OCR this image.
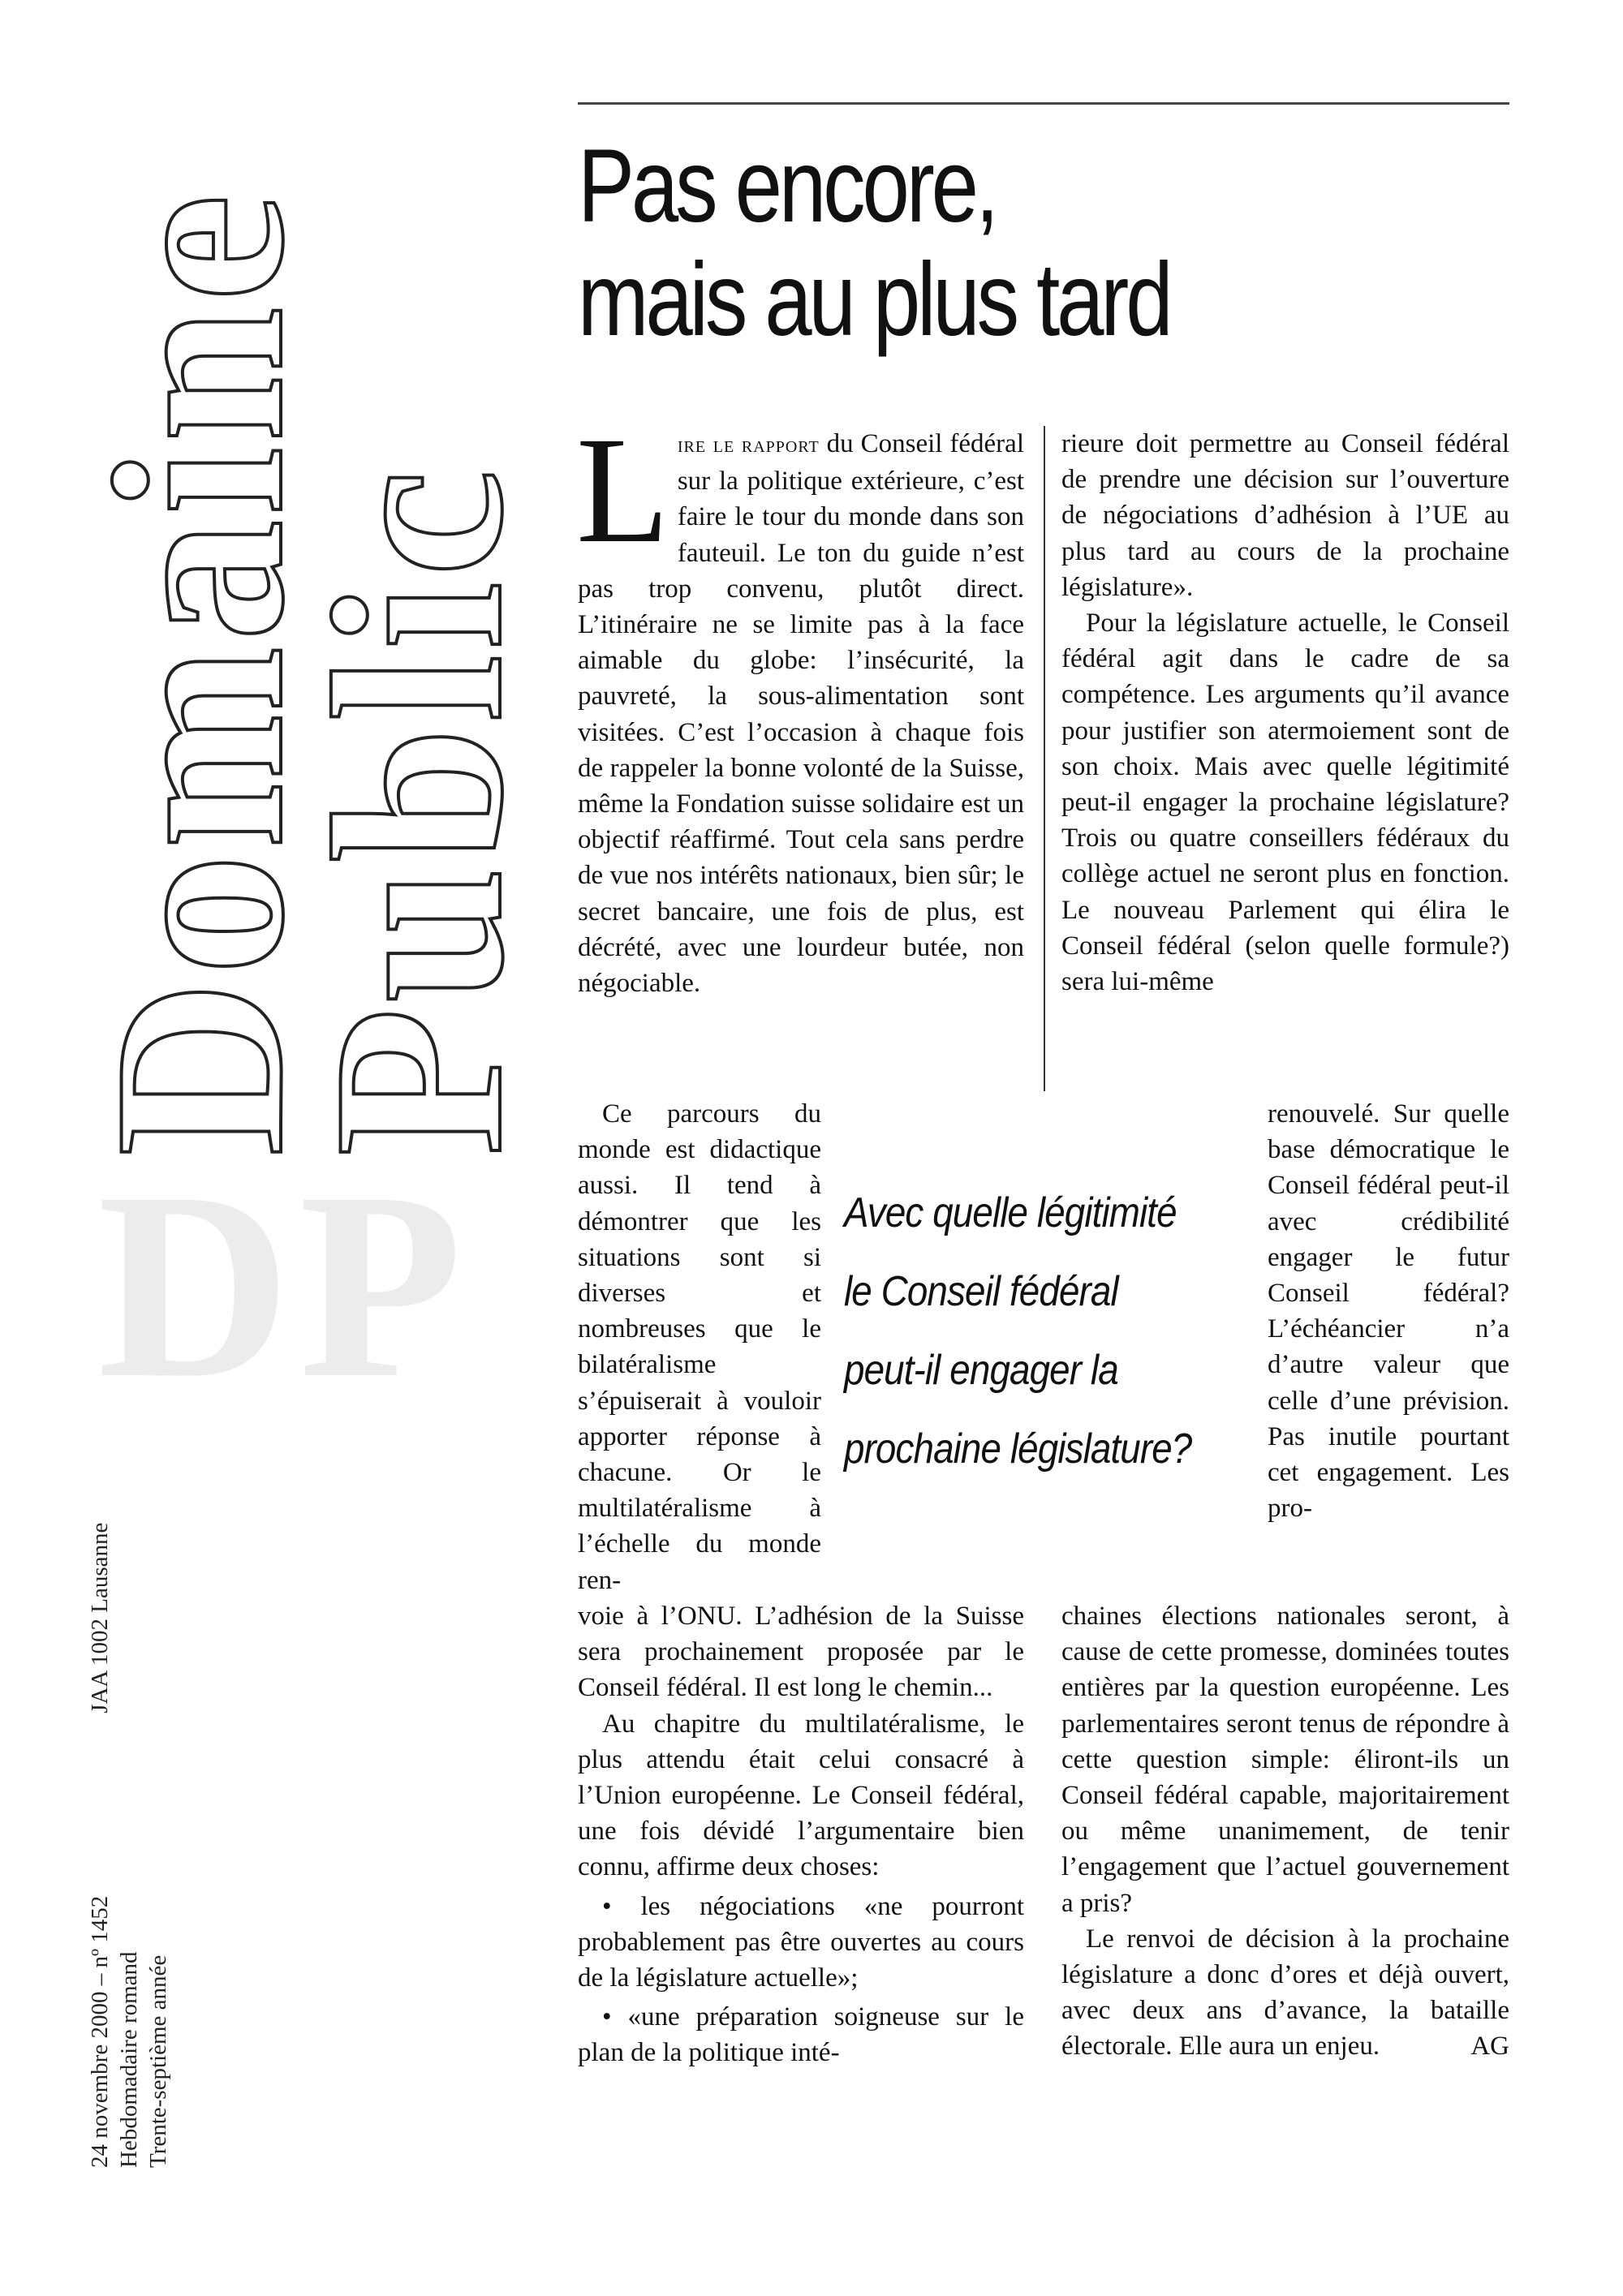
Domaine
Public
DP
24 novembre 2000 – nº 1452
JAA 1002 Lausanne
Hebdomadaire romand Trente-septième année
Pas encore,
mais au plus tard

Lire le rapport du Conseil fédéral sur la politique extérieure, c’est faire le tour du monde dans son fauteuil. Le ton du guide n’est pas trop convenu, plutôt direct. L’itinéraire ne se limite pas à la face aimable du globe: l’insécurité, la pauvreté, la sous-alimentation sont visitées. C’est l’occasion à chaque fois de rappeler la bonne volonté de la Suisse, même la Fondation suisse solidaire est un objectif réaffirmé. Tout cela sans perdre de vue nos intérêts nationaux, bien sûr; le secret bancaire, une fois de plus, est décrété, avec une lourdeur butée, non négociable.

rieure doit permettre au Conseil fédéral de prendre une décision sur l’ouverture de négociations d’adhésion à l’UE au plus tard au cours de la prochaine législature».

Pour la législature actuelle, le Conseil fédéral agit dans le cadre de sa compétence. Les arguments qu’il avance pour justifier son atermoiement sont de son choix. Mais avec quelle légitimité peut-il engager la prochaine législature? Trois ou quatre conseillers fédéraux du collège actuel ne seront plus en fonction. Le nouveau Parlement qui élira le Conseil fédéral (selon quelle formule?) sera lui-même

Ce parcours du monde est didactique aussi. Il tend à démontrer que les situations sont si diverses et nombreuses que le bilatéralisme s’épuiserait à vouloir apporter réponse à chacune. Or le multilatéralisme à l’échelle du monde ren-

Avec quelle légitimité
le Conseil fédéral
peut-il engager la
prochaine législature?

renouvelé. Sur quelle base démocratique le Conseil fédéral peut-il avec crédibilité engager le futur Conseil fédéral? L’échéancier n’a d’autre valeur que celle d’une prévision. Pas inutile pourtant cet engagement. Les pro-

voie à l’ONU. L’adhésion de la Suisse sera prochainement proposée par le Conseil fédéral. Il est long le chemin...

Au chapitre du multilatéralisme, le plus attendu était celui consacré à l’Union européenne. Le Conseil fédéral, une fois dévidé l’argumentaire bien connu, affirme deux choses:

• les négociations «ne pourront probablement pas être ouvertes au cours de la législature actuelle»;

• «une préparation soigneuse sur le plan de la politique inté-

chaines élections nationales seront, à cause de cette promesse, dominées toutes entières par la question européenne. Les parlementaires seront tenus de répondre à cette question simple: éliront-ils un Conseil fédéral capable, majoritairement ou même unanimement, de tenir l’engagement que l’actuel gouvernement a pris?

Le renvoi de décision à la prochaine législature a donc d’ores et déjà ouvert, avec deux ans d’avance, la bataille électorale. Elle aura un enjeu.	AG
